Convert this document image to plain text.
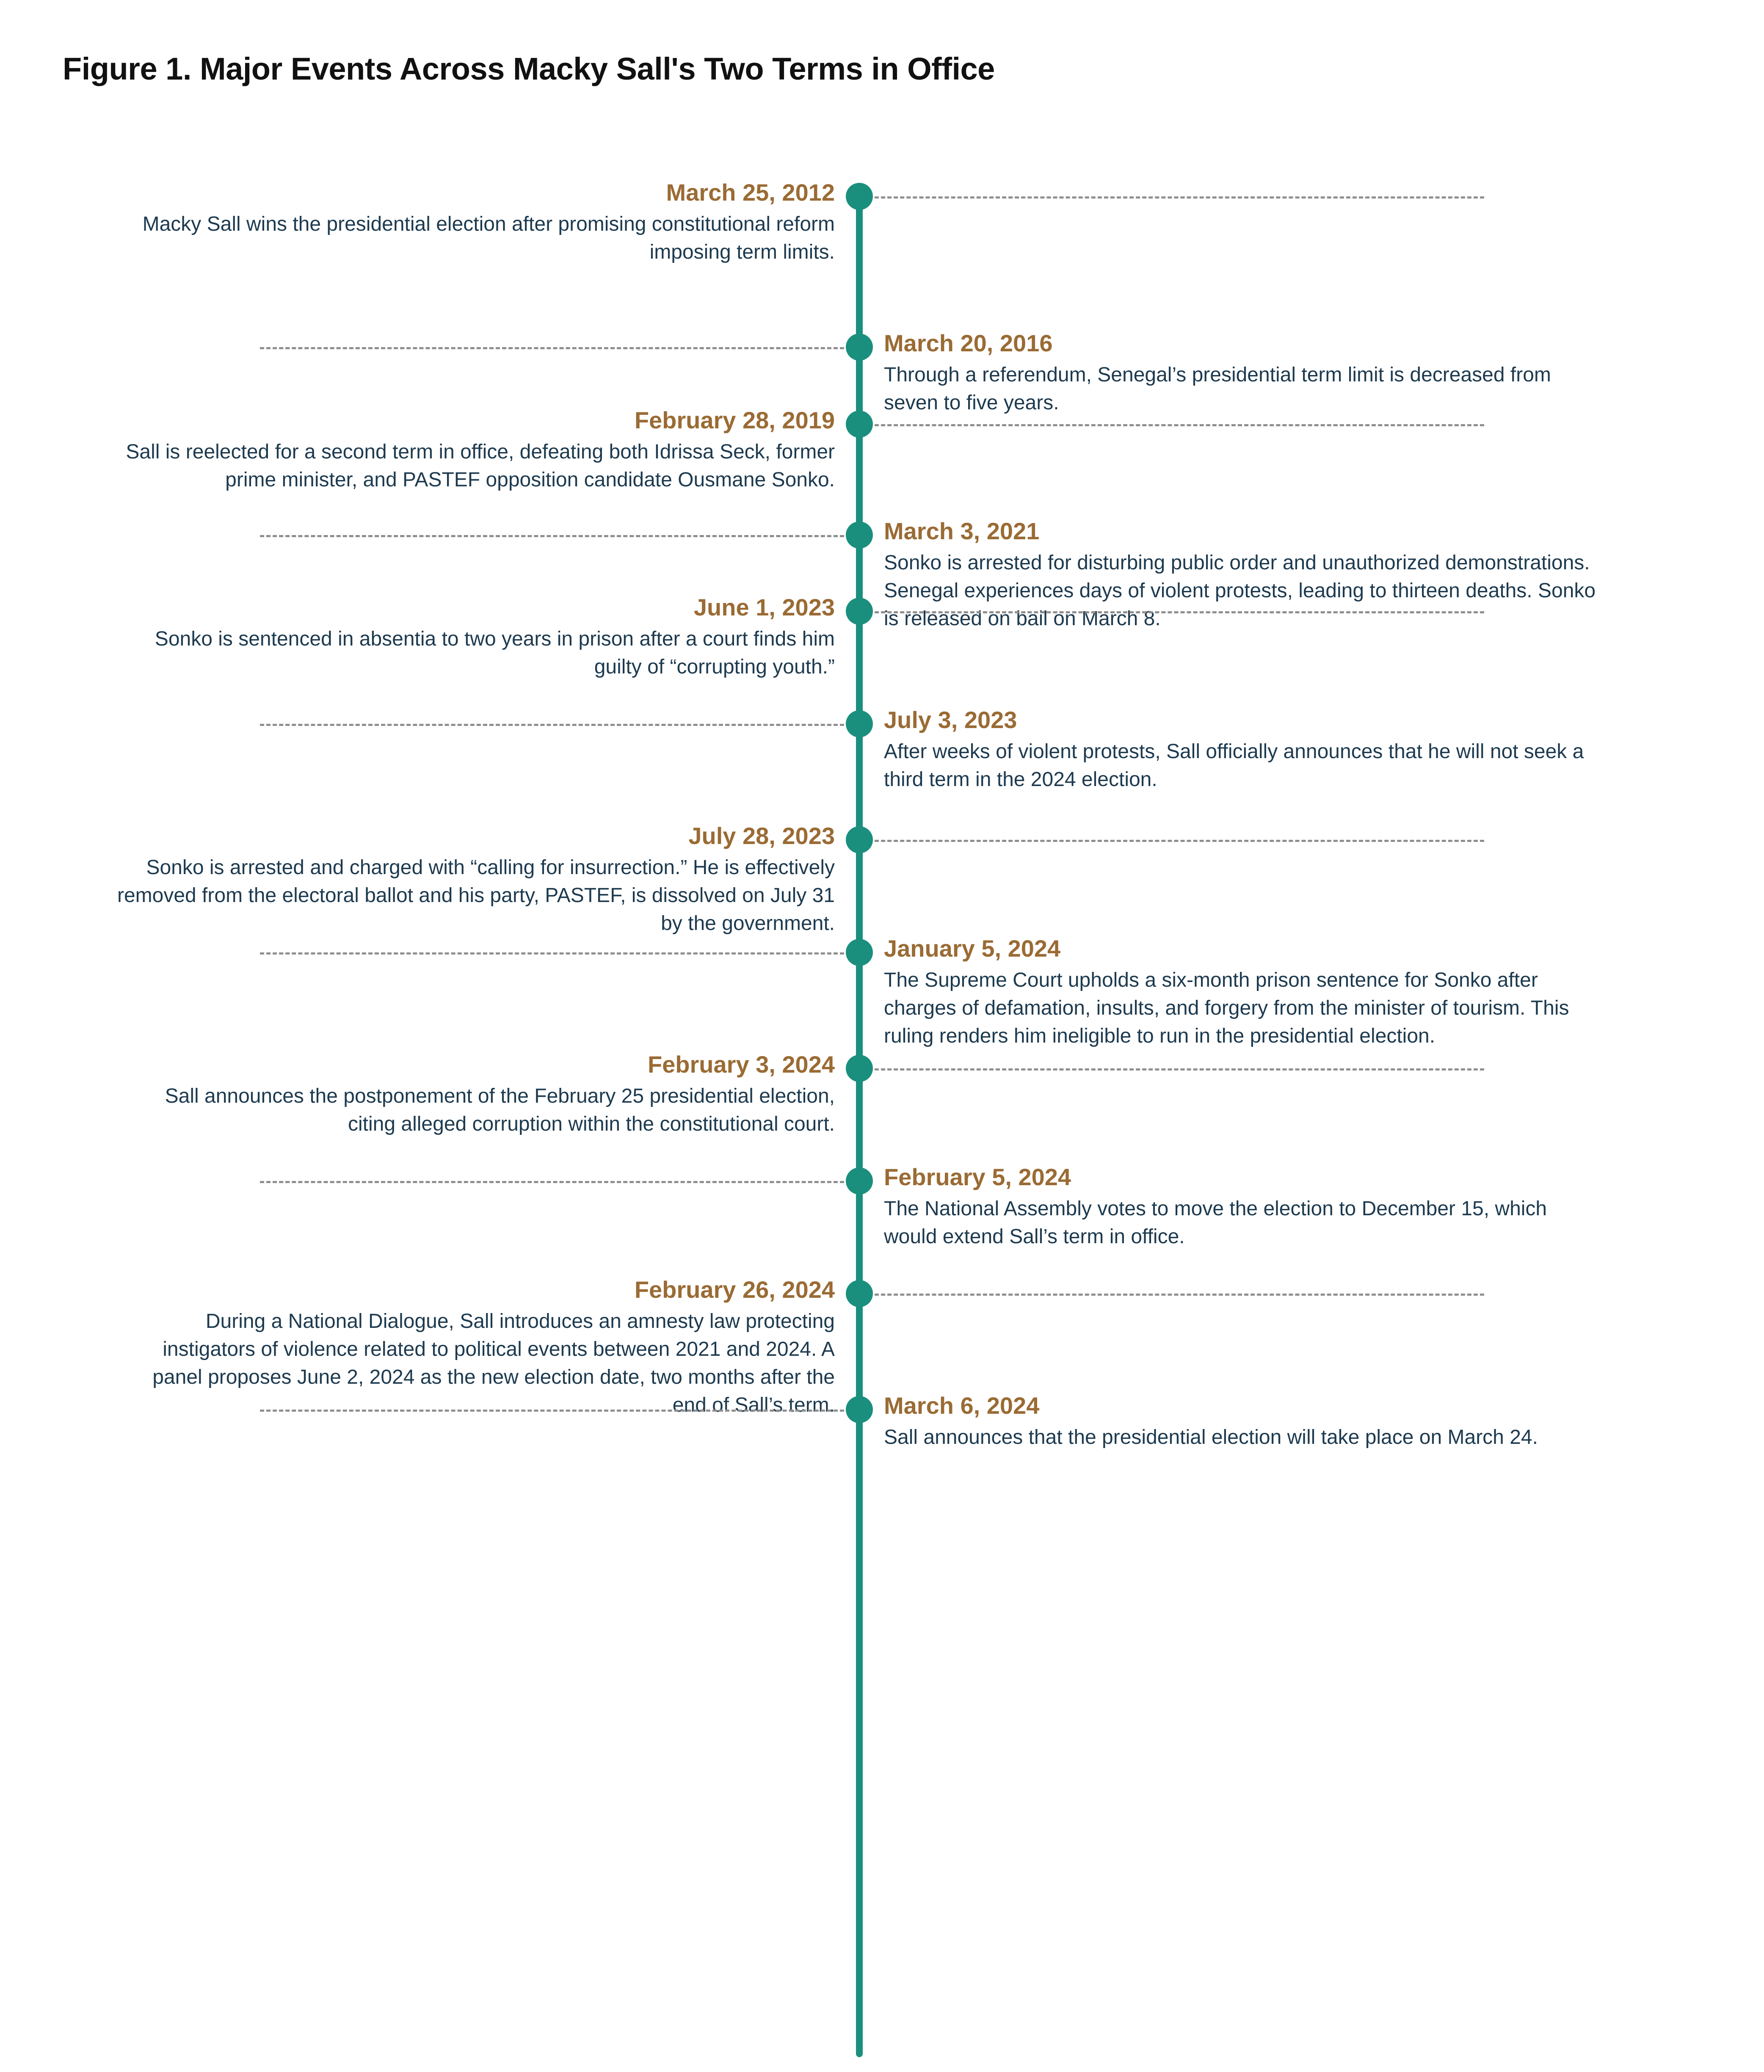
Figure 1. Major Events Across Macky Sall's Two Terms in Office
March 25, 2012
Macky Sall wins the presidential election after promising constitutional reform imposing term limits.
March 20, 2016
Through a referendum, Senegal’s presidential term limit is decreased from seven to five years.
February 28, 2019
Sall is reelected for a second term in office, defeating both Idrissa Seck, former prime minister, and PASTEF opposition candidate Ousmane Sonko.
March 3, 2021
Sonko is arrested for disturbing public order and unauthorized demonstrations. Senegal experiences days of violent protests, leading to thirteen deaths. Sonko is released on bail on March 8.
June 1, 2023
Sonko is sentenced in absentia to two years in prison after a court finds him guilty of “corrupting youth.”
July 3, 2023
After weeks of violent protests, Sall officially announces that he will not seek a third term in the 2024 election.
July 28, 2023
Sonko is arrested and charged with “calling for insurrection.” He is effectively removed from the electoral ballot and his party, PASTEF, is dissolved on July 31 by the government.
January 5, 2024
The Supreme Court upholds a six-month prison sentence for Sonko after charges of defamation, insults, and forgery from the minister of tourism. This ruling renders him ineligible to run in the presidential election.
February 3, 2024
Sall announces the postponement of the February 25 presidential election, citing alleged corruption within the constitutional court.
February 5, 2024
The National Assembly votes to move the election to December 15, which would extend Sall’s term in office.
February 26, 2024
During a National Dialogue, Sall introduces an amnesty law protecting instigators of violence related to political events between 2021 and 2024. A panel proposes June 2, 2024 as the new election date, two months after the end of Sall’s term. March 6, 2024
Sall announces that the presidential election will take place on March 24.
